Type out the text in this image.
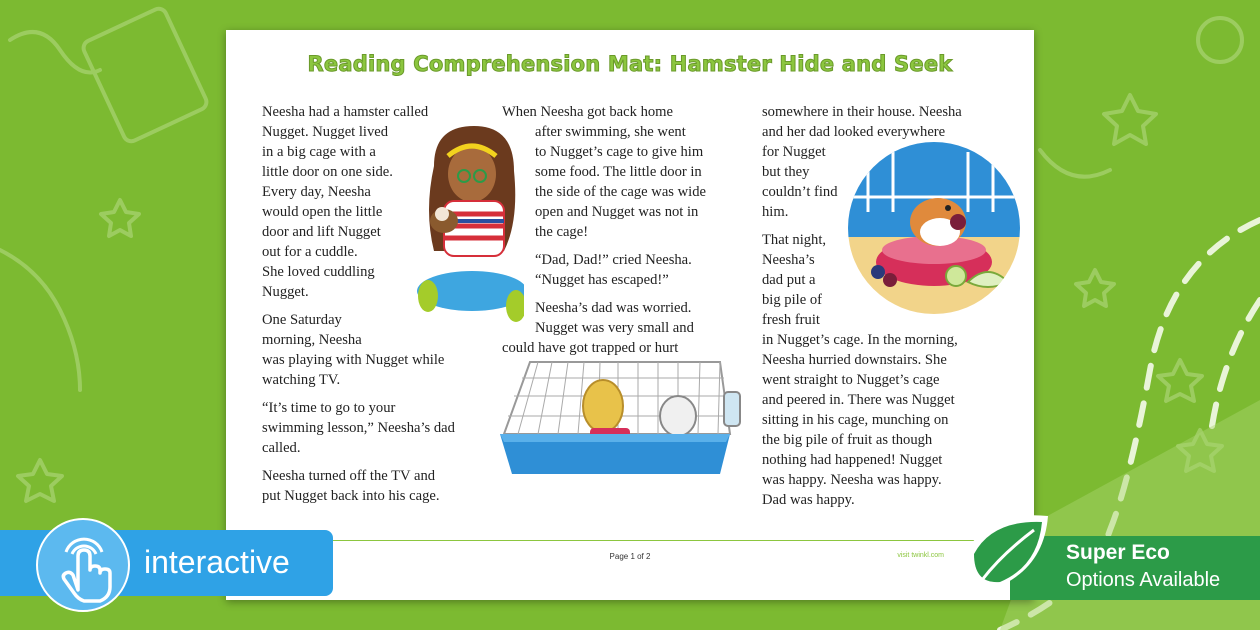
Reading Comprehension Mat: Hamster Hide and Seek

Neesha had a hamster called
Nugget. Nugget lived
in a big cage with a
little door on one side.
Every day, Neesha
would open the little
door and lift Nugget
out for a cuddle.
She loved cuddling
Nugget.

One Saturday
morning, Neesha
was playing with Nugget while
watching TV.

“It’s time to go to your
swimming lesson,” Neesha’s dad
called.

Neesha turned off the TV and
put Nugget back into his cage.

When Neesha got back home
after swimming, she went
to Nugget’s cage to give him
some food. The little door in
the side of the cage was wide
open and Nugget was not in
the cage!

“Dad, Dad!” cried Neesha.
“Nugget has escaped!”

Neesha’s dad was worried.
Nugget was very small and
could have got trapped or hurt

somewhere in their house. Neesha
and her dad looked everywhere
for Nugget
but they
couldn’t find
him.

That night,
Neesha’s
dad put a
big pile of
fresh fruit
in Nugget’s cage. In the morning,
Neesha hurried downstairs. She
went straight to Nugget’s cage
and peered in. There was Nugget
sitting in his cage, munching on
the big pile of fruit as though
nothing had happened! Nugget
was happy. Neesha was happy.
Dad was happy.

Page 1 of 2	visit twinkl.com
interactive	Super Eco
Options Available
